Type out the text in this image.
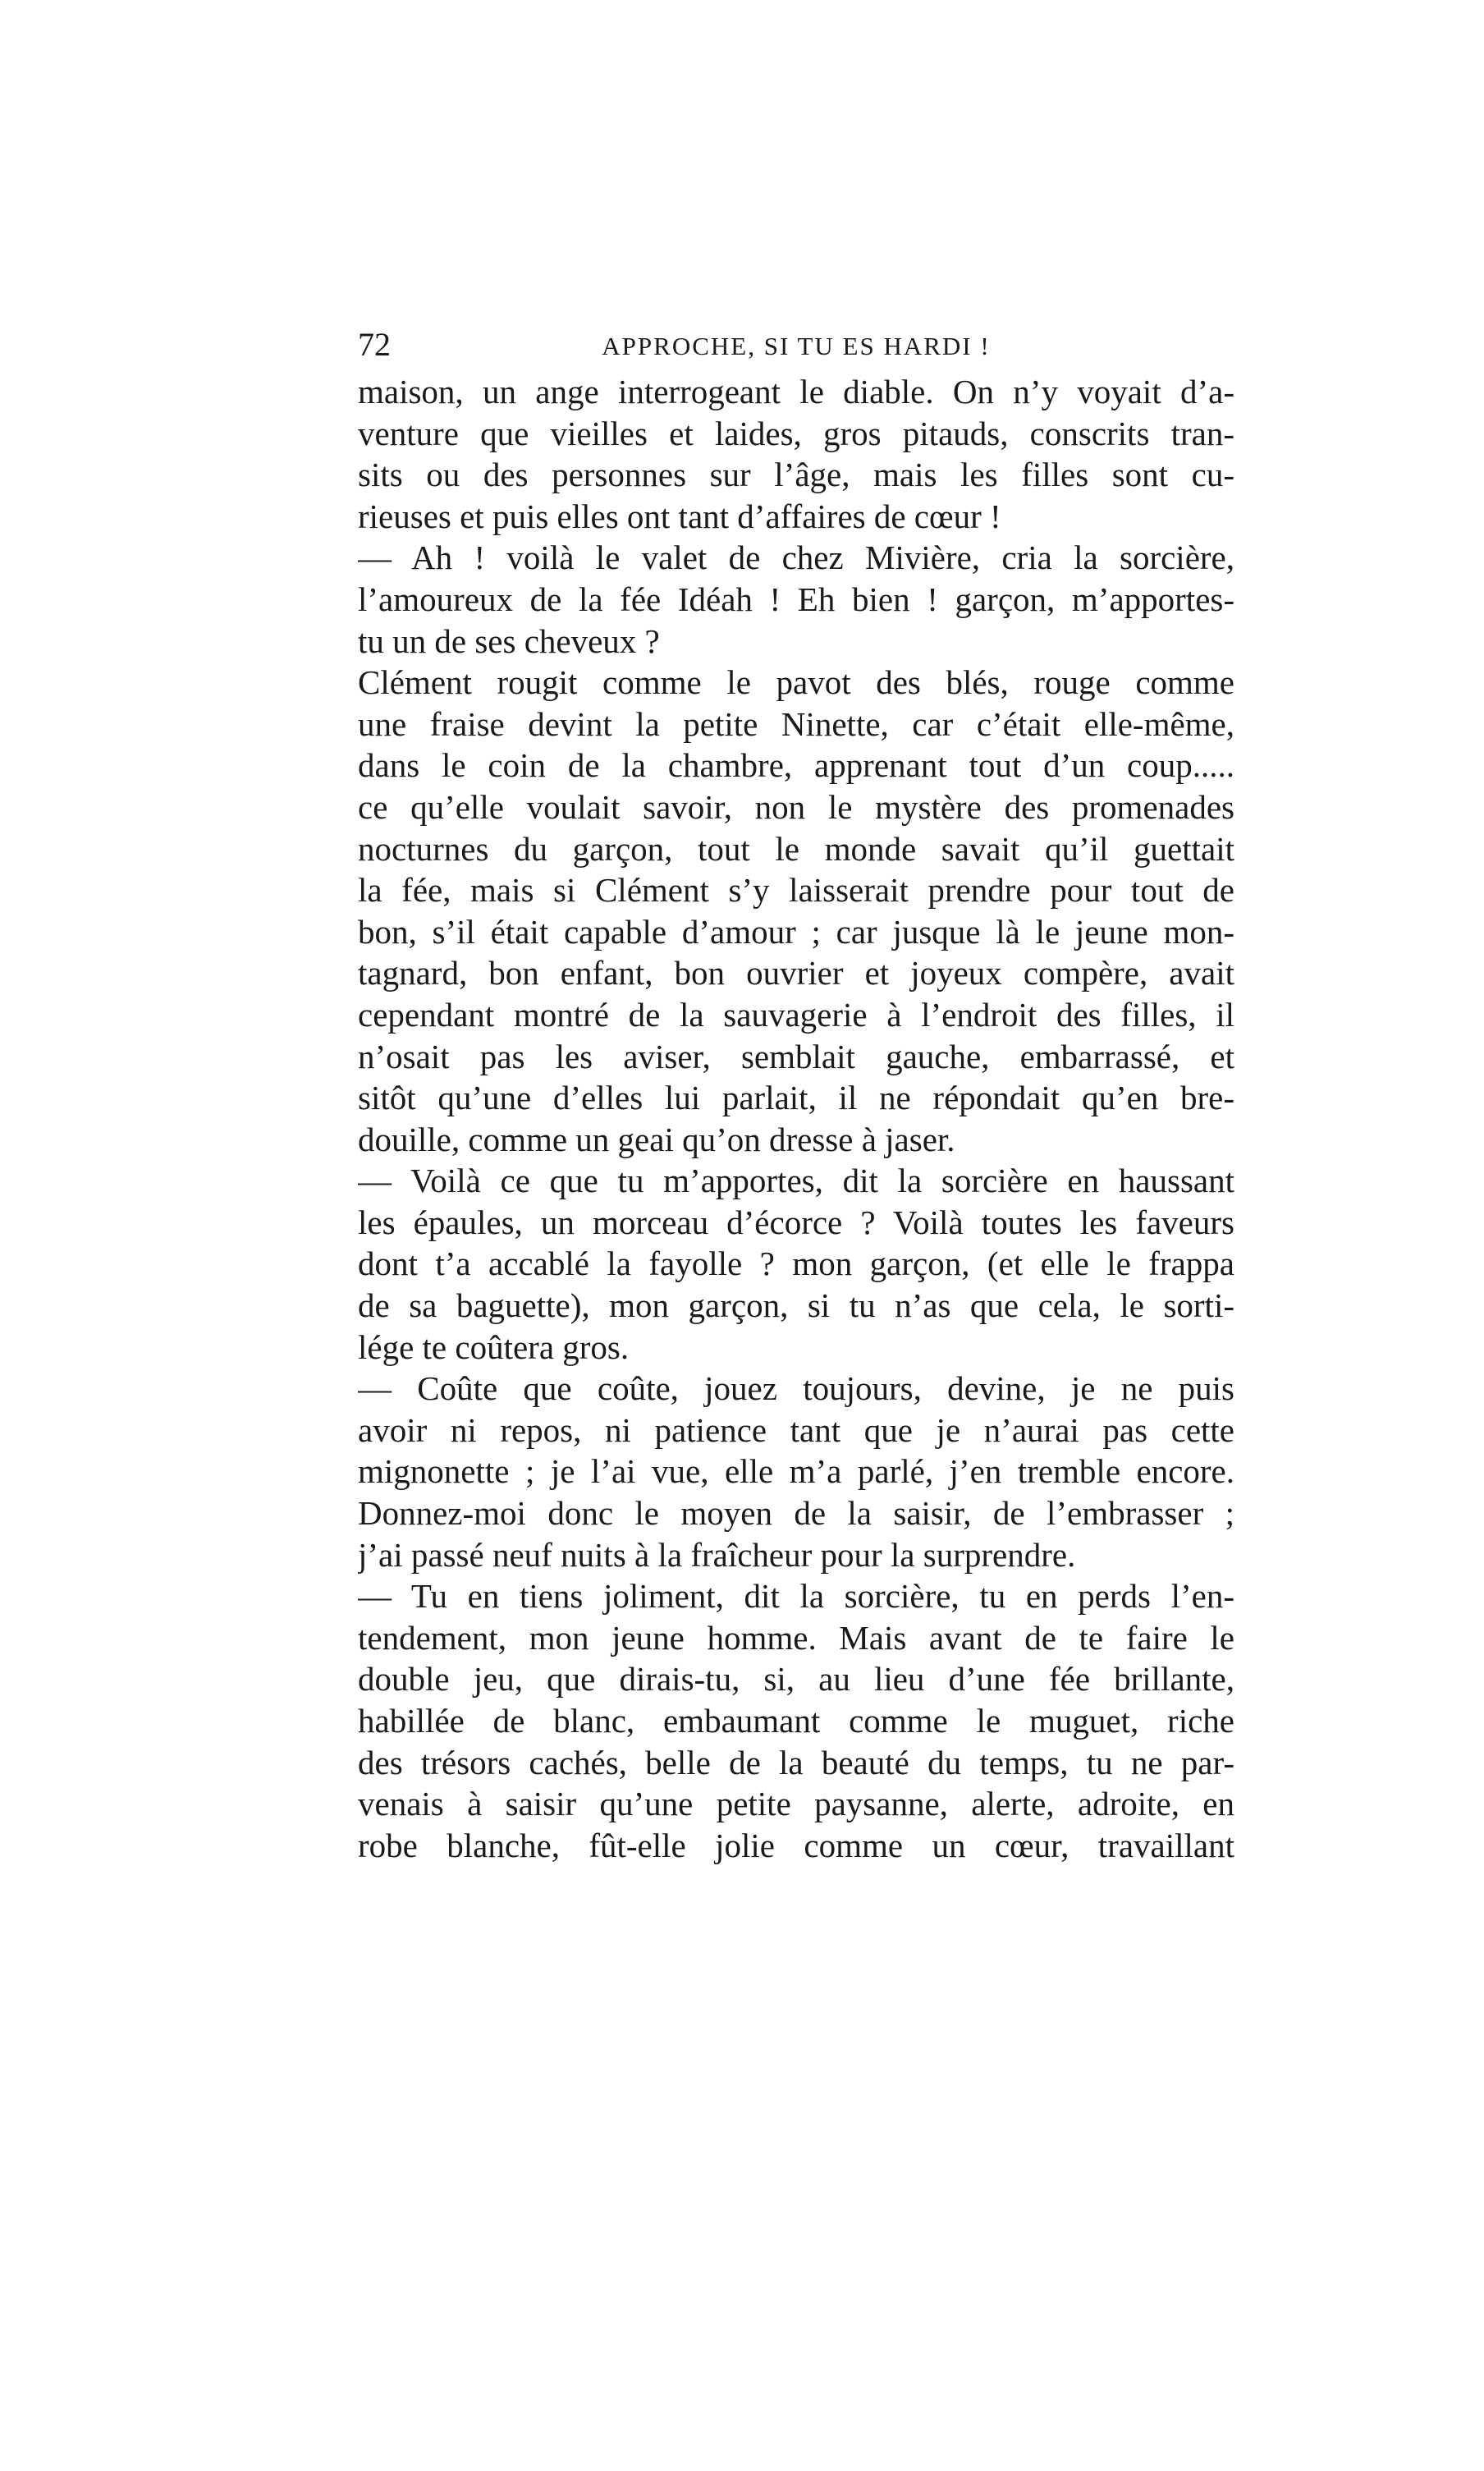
72	APPROCHE, SI TU ES HARDI !
maison, un ange interrogeant le diable. On n’y voyait d’a-
venture que vieilles et laides, gros pitauds, conscrits tran-
sits ou des personnes sur l’âge, mais les filles sont cu-
rieuses et puis elles ont tant d’affaires de cœur !
— Ah ! voilà le valet de chez Mivière, cria la sorcière,
l’amoureux de la fée Idéah ! Eh bien ! garçon, m’apportes-
tu un de ses cheveux ?
Clément rougit comme le pavot des blés, rouge comme
une fraise devint la petite Ninette, car c’était elle-même,
dans le coin de la chambre, apprenant tout d’un coup.....
ce qu’elle voulait savoir, non le mystère des promenades
nocturnes du garçon, tout le monde savait qu’il guettait
la fée, mais si Clément s’y laisserait prendre pour tout de
bon, s’il était capable d’amour ; car jusque là le jeune mon-
tagnard, bon enfant, bon ouvrier et joyeux compère, avait
cependant montré de la sauvagerie à l’endroit des filles, il
n’osait pas les aviser, semblait gauche, embarrassé, et
sitôt qu’une d’elles lui parlait, il ne répondait qu’en bre-
douille, comme un geai qu’on dresse à jaser.
— Voilà ce que tu m’apportes, dit la sorcière en haussant
les épaules, un morceau d’écorce ? Voilà toutes les faveurs
dont t’a accablé la fayolle ? mon garçon, (et elle le frappa
de sa baguette), mon garçon, si tu n’as que cela, le sorti-
lége te coûtera gros.
— Coûte que coûte, jouez toujours, devine, je ne puis
avoir ni repos, ni patience tant que je n’aurai pas cette
mignonette ; je l’ai vue, elle m’a parlé, j’en tremble encore.
Donnez-moi donc le moyen de la saisir, de l’embrasser ;
j’ai passé neuf nuits à la fraîcheur pour la surprendre.
— Tu en tiens joliment, dit la sorcière, tu en perds l’en-
tendement, mon jeune homme. Mais avant de te faire le
double jeu, que dirais-tu, si, au lieu d’une fée brillante,
habillée de blanc, embaumant comme le muguet, riche
des trésors cachés, belle de la beauté du temps, tu ne par-
venais à saisir qu’une petite paysanne, alerte, adroite, en
robe blanche, fût-elle jolie comme un cœur, travaillant
